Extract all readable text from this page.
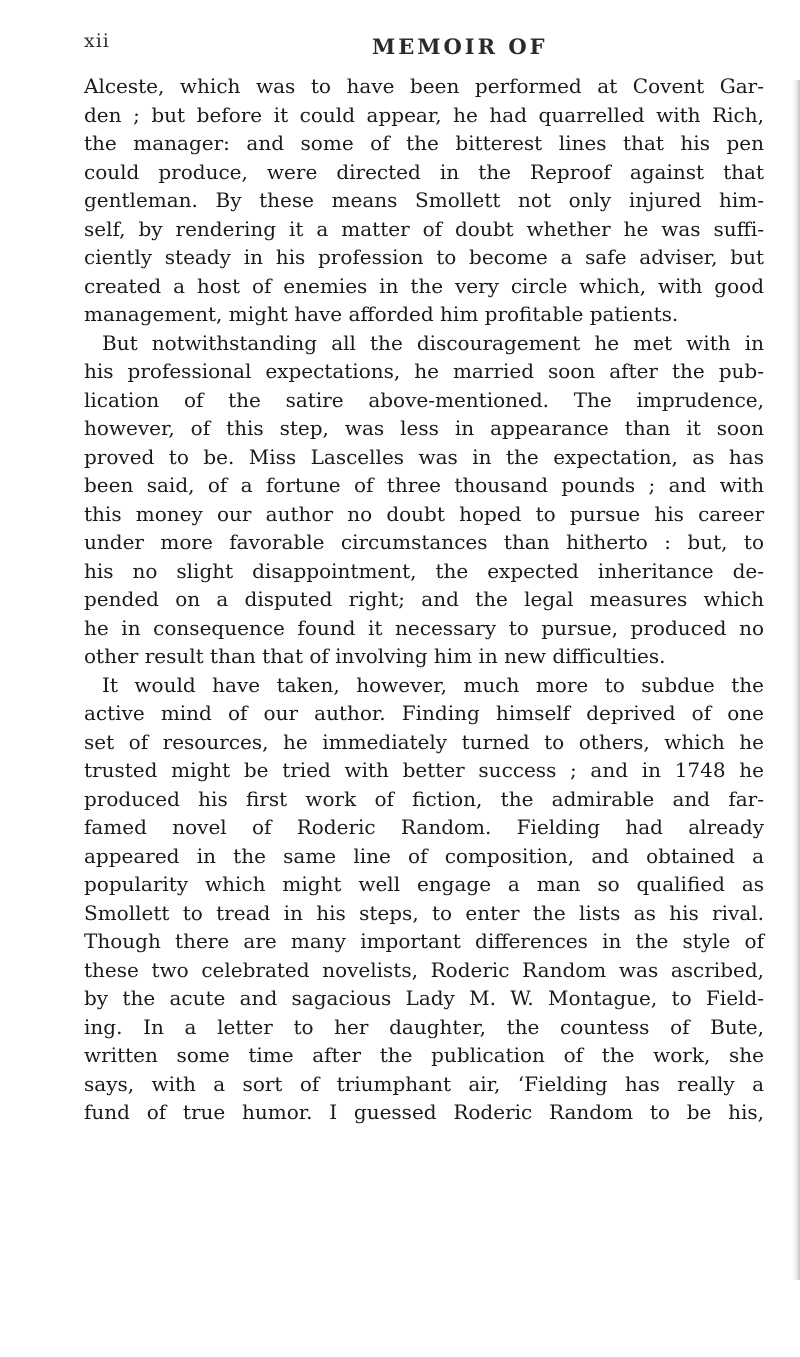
xii	MEMOIR OF
Alceste, which was to have been performed at Covent Gar-
den ; but before it could appear, he had quarrelled with Rich,
the manager: and some of the bitterest lines that his pen
could produce, were directed in the Reproof against that
gentleman. By these means Smollett not only injured him-
self, by rendering it a matter of doubt whether he was suffi-
ciently steady in his profession to become a safe adviser, but
created a host of enemies in the very circle which, with good
management, might have afforded him profitable patients.
But notwithstanding all the discouragement he met with in
his professional expectations, he married soon after the pub-
lication of the satire above-mentioned. The imprudence,
however, of this step, was less in appearance than it soon
proved to be. Miss Lascelles was in the expectation, as has
been said, of a fortune of three thousand pounds ; and with
this money our author no doubt hoped to pursue his career
under more favorable circumstances than hitherto : but, to
his no slight disappointment, the expected inheritance de-
pended on a disputed right; and the legal measures which
he in consequence found it necessary to pursue, produced no
other result than that of involving him in new difficulties.
It would have taken, however, much more to subdue the
active mind of our author. Finding himself deprived of one
set of resources, he immediately turned to others, which he
trusted might be tried with better success ; and in 1748 he
produced his first work of fiction, the admirable and far-
famed novel of Roderic Random. Fielding had already
appeared in the same line of composition, and obtained a
popularity which might well engage a man so qualified as
Smollett to tread in his steps, to enter the lists as his rival.
Though there are many important differences in the style of
these two celebrated novelists, Roderic Random was ascribed,
by the acute and sagacious Lady M. W. Montague, to Field-
ing. In a letter to her daughter, the countess of Bute,
written some time after the publication of the work, she
says, with a sort of triumphant air, ‘Fielding has really a
fund of true humor. I guessed Roderic Random to be his,
